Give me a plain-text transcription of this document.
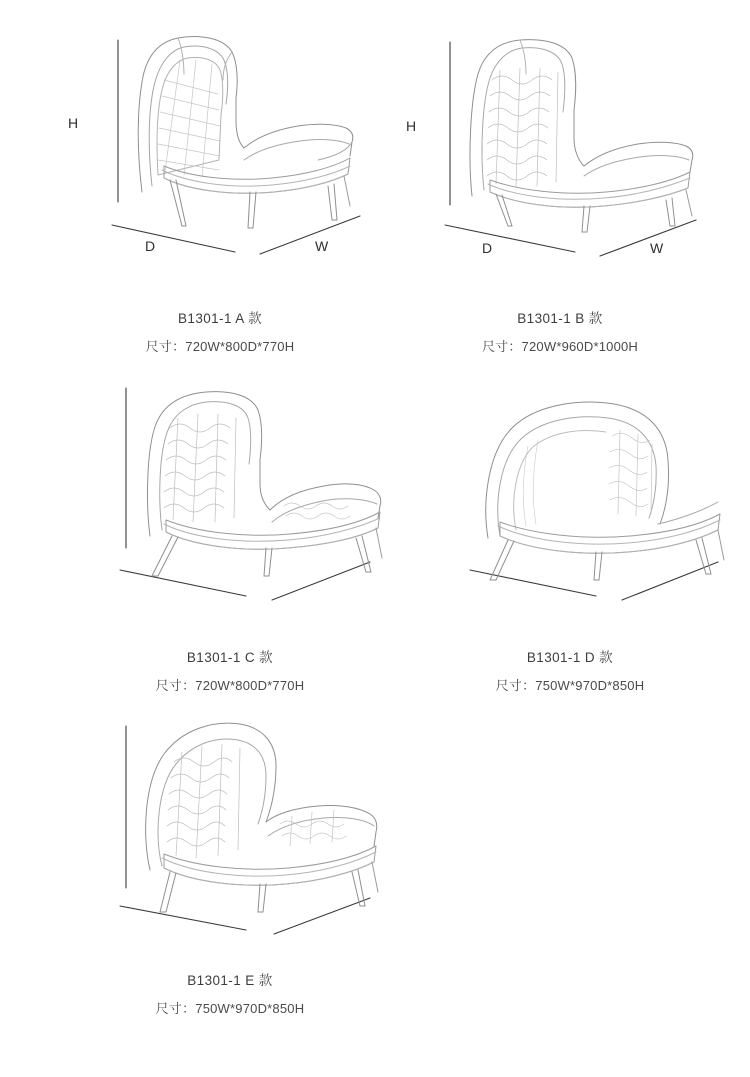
H
D	W
B1301-1 A 款
尺寸：720W*800D*770H
H
D	W
B1301-1 B 款
尺寸：720W*960D*1000H
B1301-1 C 款
尺寸：720W*800D*770H
B1301-1 D 款
尺寸：750W*970D*850H
B1301-1 E 款
尺寸：750W*970D*850H
